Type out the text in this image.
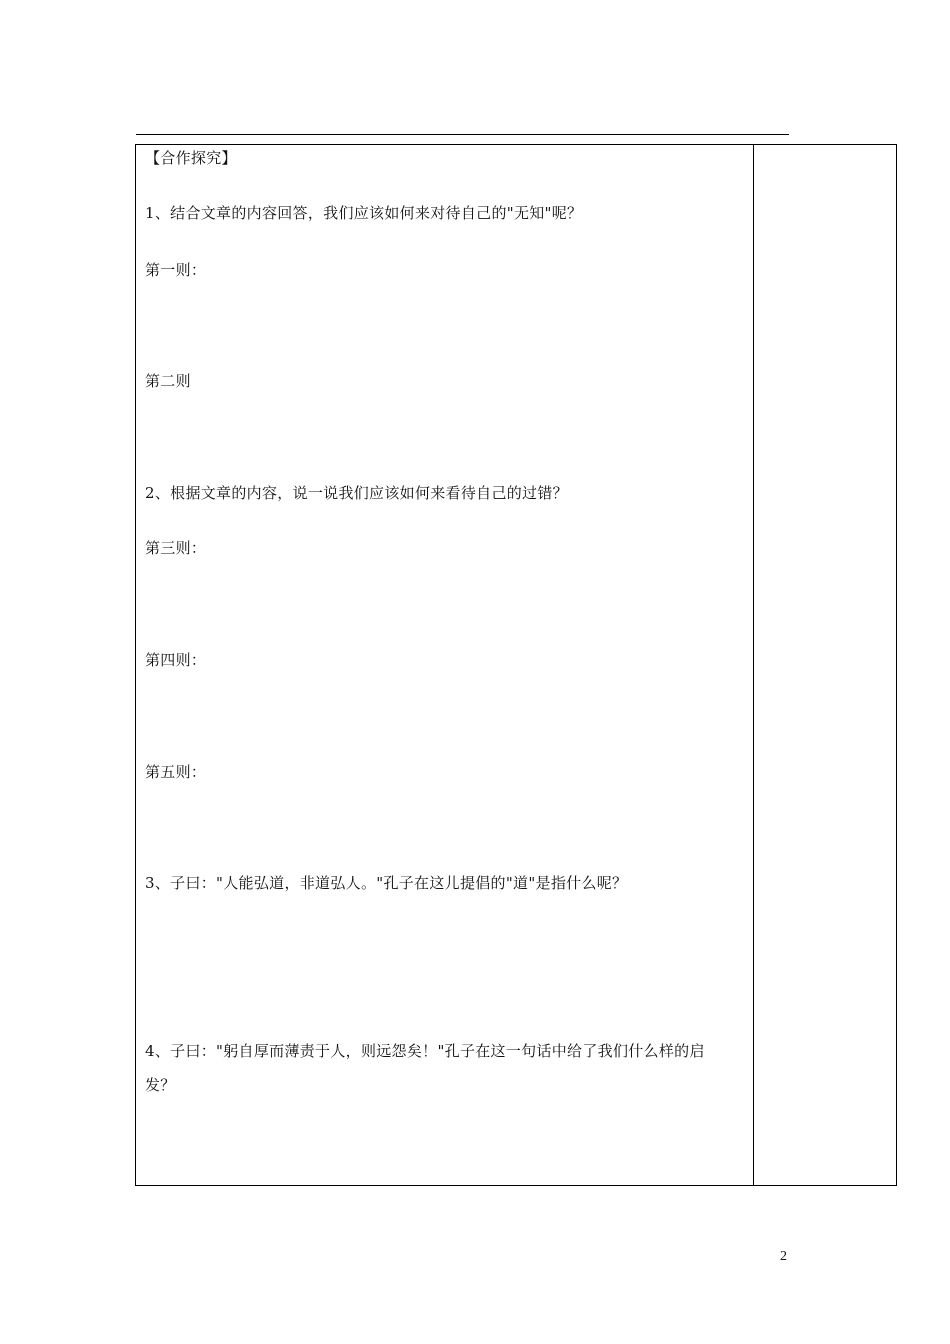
【合作探究】
1、结合文章的内容回答，我们应该如何来对待自己的"无知"呢？
第一则：
第二则
2、根据文章的内容，说一说我们应该如何来看待自己的过错？
第三则：
第四则：
第五则：
3、子曰："人能弘道，非道弘人。"孔子在这儿提倡的"道"是指什么呢？
4、子曰："躬自厚而薄责于人，则远怨矣！"孔子在这一句话中给了我们什么样的启
发？
2
